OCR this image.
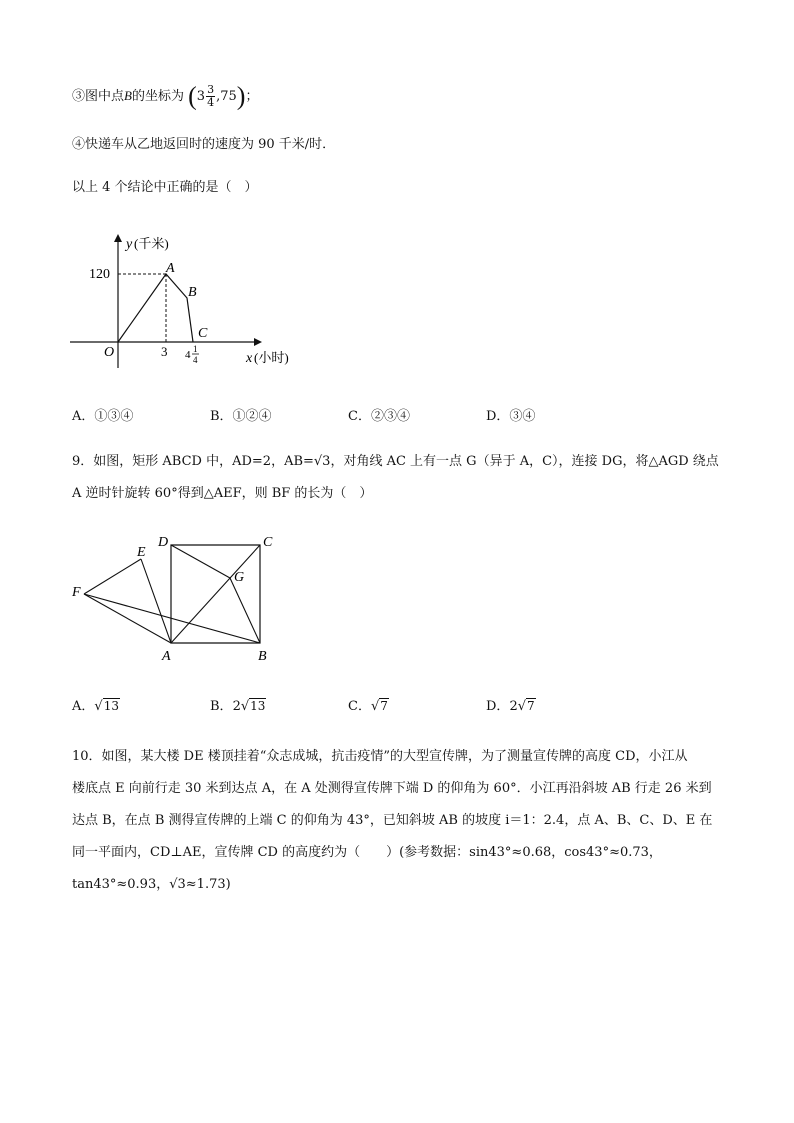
③图中点B的坐标为 $(3 \frac{3}{4} ,75)$；
④快递车从乙地返回时的速度为 90 千米/时．
以上 4 个结论中正确的是（　）
y (千米)
120	A
B
C
O	3 4 1
4	x (小时)
A．①③④	B．①②④	C．②③④	D．③④
9．如图，矩形 ABCD 中，AD=2，AB=√3，对角线 AC 上有一点 G（异于 A，C），连接 DG，将△AGD 绕点
A 逆时针旋转 60°得到△AEF，则 BF 的长为（　）
D	C
E
G
F
A	B
A．√13	B．2√13	C．√7	D．2√7
10．如图，某大楼 DE 楼顶挂着“众志成城，抗击疫情”的大型宣传牌，为了测量宣传牌的高度 CD，小江从
楼底点 E 向前行走 30 米到达点 A，在 A 处测得宣传牌下端 D 的仰角为 60°．小江再沿斜坡 AB 行走 26 米到
达点 B，在点 B 测得宣传牌的上端 C 的仰角为 43°，已知斜坡 AB 的坡度 i＝1：2.4，点 A、B、C、D、E 在
同一平面内，CD⊥AE，宣传牌 CD 的高度约为（　　）(参考数据：sin43°≈0.68，cos43°≈0.73，
tan43°≈0.93，√3≈1.73)
